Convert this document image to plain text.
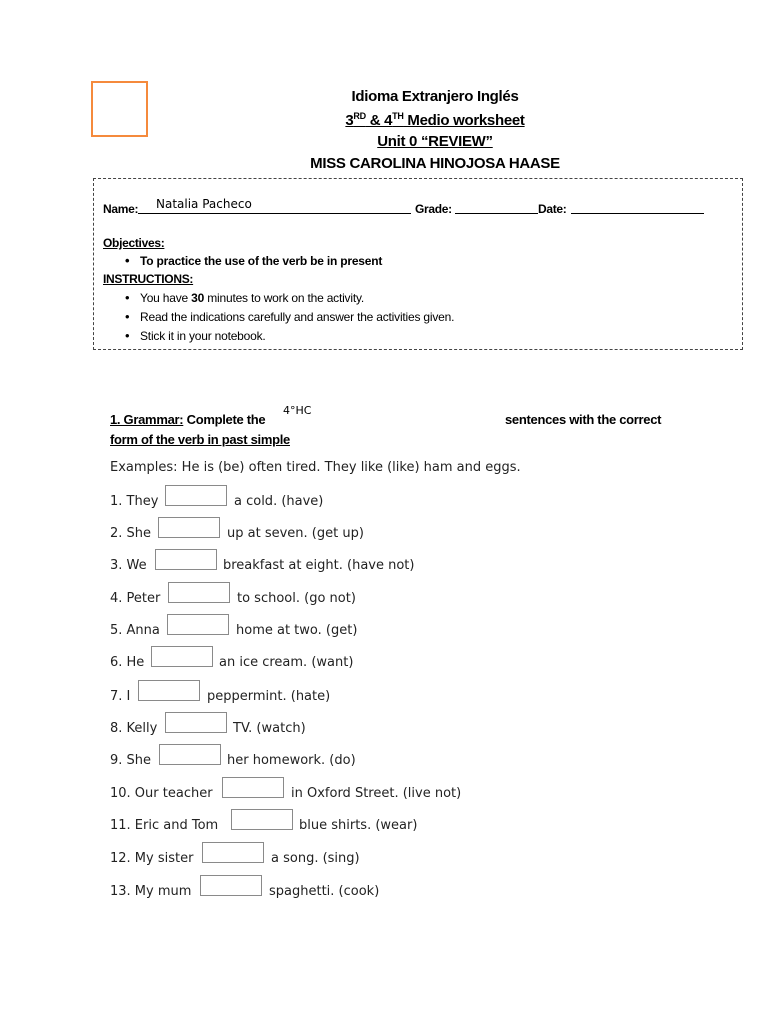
Idioma Extranjero Inglés
3RD & 4TH Medio worksheet
Unit 0 “REVIEW”
MISS CAROLINA HINOJOSA HAASE
Name: Natalia Pacheco	Grade:	Date:
Objectives:
• To practice the use of the verb be in present
INSTRUCTIONS:
• You have 30 minutes to work on the activity.
• Read the indications carefully and answer the activities given.
• Stick it in your notebook.
1. Grammar: Complete the
4°HC
sentences with the correct
form of the verb in past simple
Examples: He is (be) often tired. They like (like) ham and eggs.
1. They	a cold. (have)
2. She	up at seven. (get up)
3. We	breakfast at eight. (have not)
4. Peter	to school. (go not)
5. Anna	home at two. (get)
6. He	an ice cream. (want)
7. I	peppermint. (hate)
8. Kelly	TV. (watch)
9. She	her homework. (do)
10. Our teacher	in Oxford Street. (live not)
11. Eric and Tom	blue shirts. (wear)
12. My sister	a song. (sing)
13. My mum	spaghetti. (cook)
